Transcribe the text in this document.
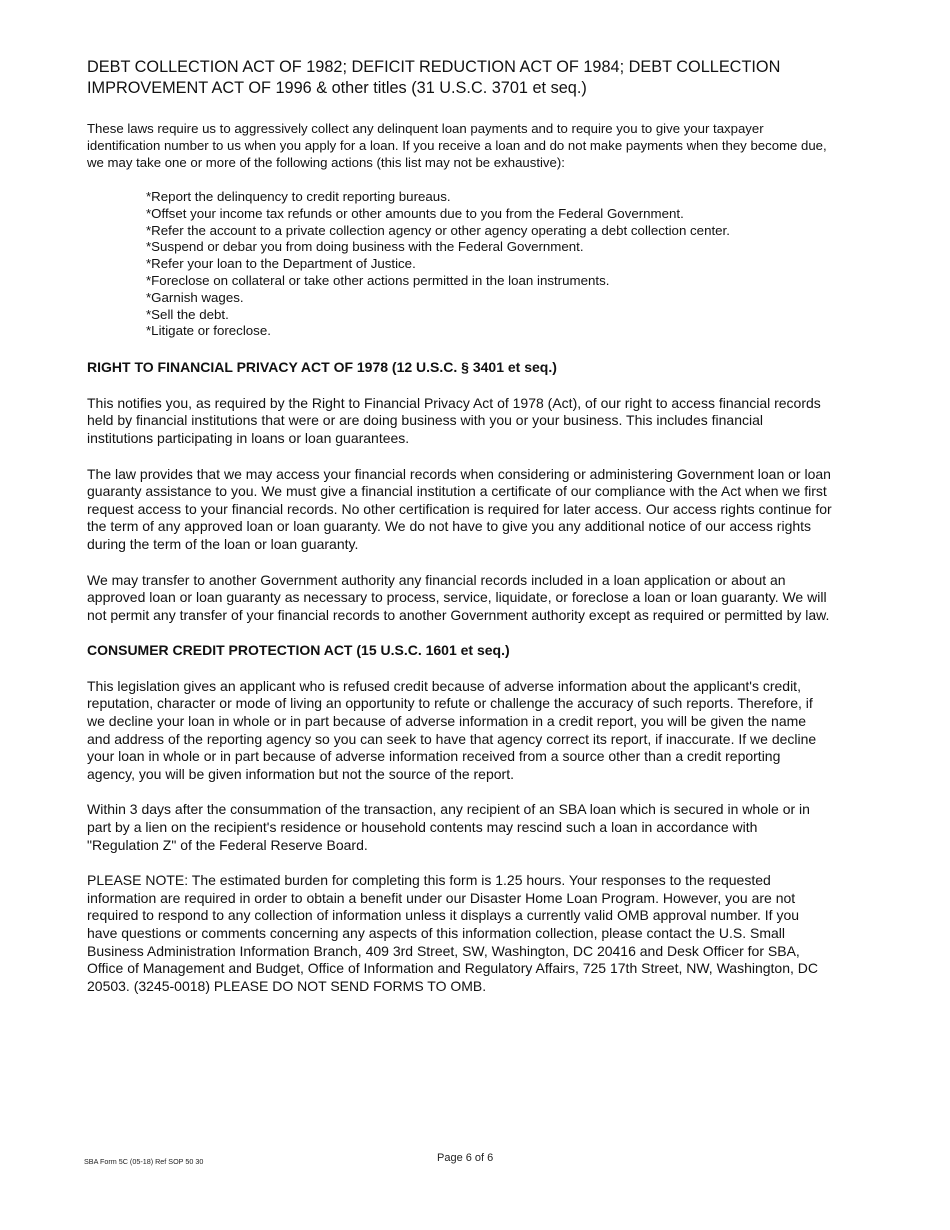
DEBT COLLECTION ACT OF 1982; DEFICIT REDUCTION ACT OF 1984; DEBT COLLECTION IMPROVEMENT ACT OF 1996 & other titles (31 U.S.C. 3701 et seq.)

These laws require us to aggressively collect any delinquent loan payments and to require you to give your taxpayer identification number to us when you apply for a loan. If you receive a loan and do not make payments when they become due, we may take one or more of the following actions (this list may not be exhaustive):

*Report the delinquency to credit reporting bureaus.
*Offset your income tax refunds or other amounts due to you from the Federal Government.
*Refer the account to a private collection agency or other agency operating a debt collection center.
*Suspend or debar you from doing business with the Federal Government.
*Refer your loan to the Department of Justice.
*Foreclose on collateral or take other actions permitted in the loan instruments.
*Garnish wages.
*Sell the debt.
*Litigate or foreclose.
RIGHT TO FINANCIAL PRIVACY ACT OF 1978 (12 U.S.C. § 3401 et seq.)

This notifies you, as required by the Right to Financial Privacy Act of 1978 (Act), of our right to access financial records held by financial institutions that were or are doing business with you or your business. This includes financial institutions participating in loans or loan guarantees.

The law provides that we may access your financial records when considering or administering Government loan or loan guaranty assistance to you. We must give a financial institution a certificate of our compliance with the Act when we first request access to your financial records. No other certification is required for later access. Our access rights continue for the term of any approved loan or loan guaranty. We do not have to give you any additional notice of our access rights during the term of the loan or loan guaranty.

We may transfer to another Government authority any financial records included in a loan application or about an approved loan or loan guaranty as necessary to process, service, liquidate, or foreclose a loan or loan guaranty. We will not permit any transfer of your financial records to another Government authority except as required or permitted by law.

CONSUMER CREDIT PROTECTION ACT (15 U.S.C. 1601 et seq.)

This legislation gives an applicant who is refused credit because of adverse information about the applicant's credit, reputation, character or mode of living an opportunity to refute or challenge the accuracy of such reports. Therefore, if we decline your loan in whole or in part because of adverse information in a credit report, you will be given the name and address of the reporting agency so you can seek to have that agency correct its report, if inaccurate. If we decline your loan in whole or in part because of adverse information received from a source other than a credit reporting agency, you will be given information but not the source of the report.

Within 3 days after the consummation of the transaction, any recipient of an SBA loan which is secured in whole or in part by a lien on the recipient's residence or household contents may rescind such a loan in accordance with "Regulation Z" of the Federal Reserve Board.

PLEASE NOTE: The estimated burden for completing this form is 1.25 hours. Your responses to the requested information are required in order to obtain a benefit under our Disaster Home Loan Program. However, you are not required to respond to any collection of information unless it displays a currently valid OMB approval number. If you have questions or comments concerning any aspects of this information collection, please contact the U.S. Small Business Administration Information Branch, 409 3rd Street, SW, Washington, DC 20416 and Desk Officer for SBA, Office of Management and Budget, Office of Information and Regulatory Affairs, 725 17th Street, NW, Washington, DC 20503. (3245-0018) PLEASE DO NOT SEND FORMS TO OMB.

SBA Form 5C (05-18) Ref SOP 50 30	Page 6 of 6
